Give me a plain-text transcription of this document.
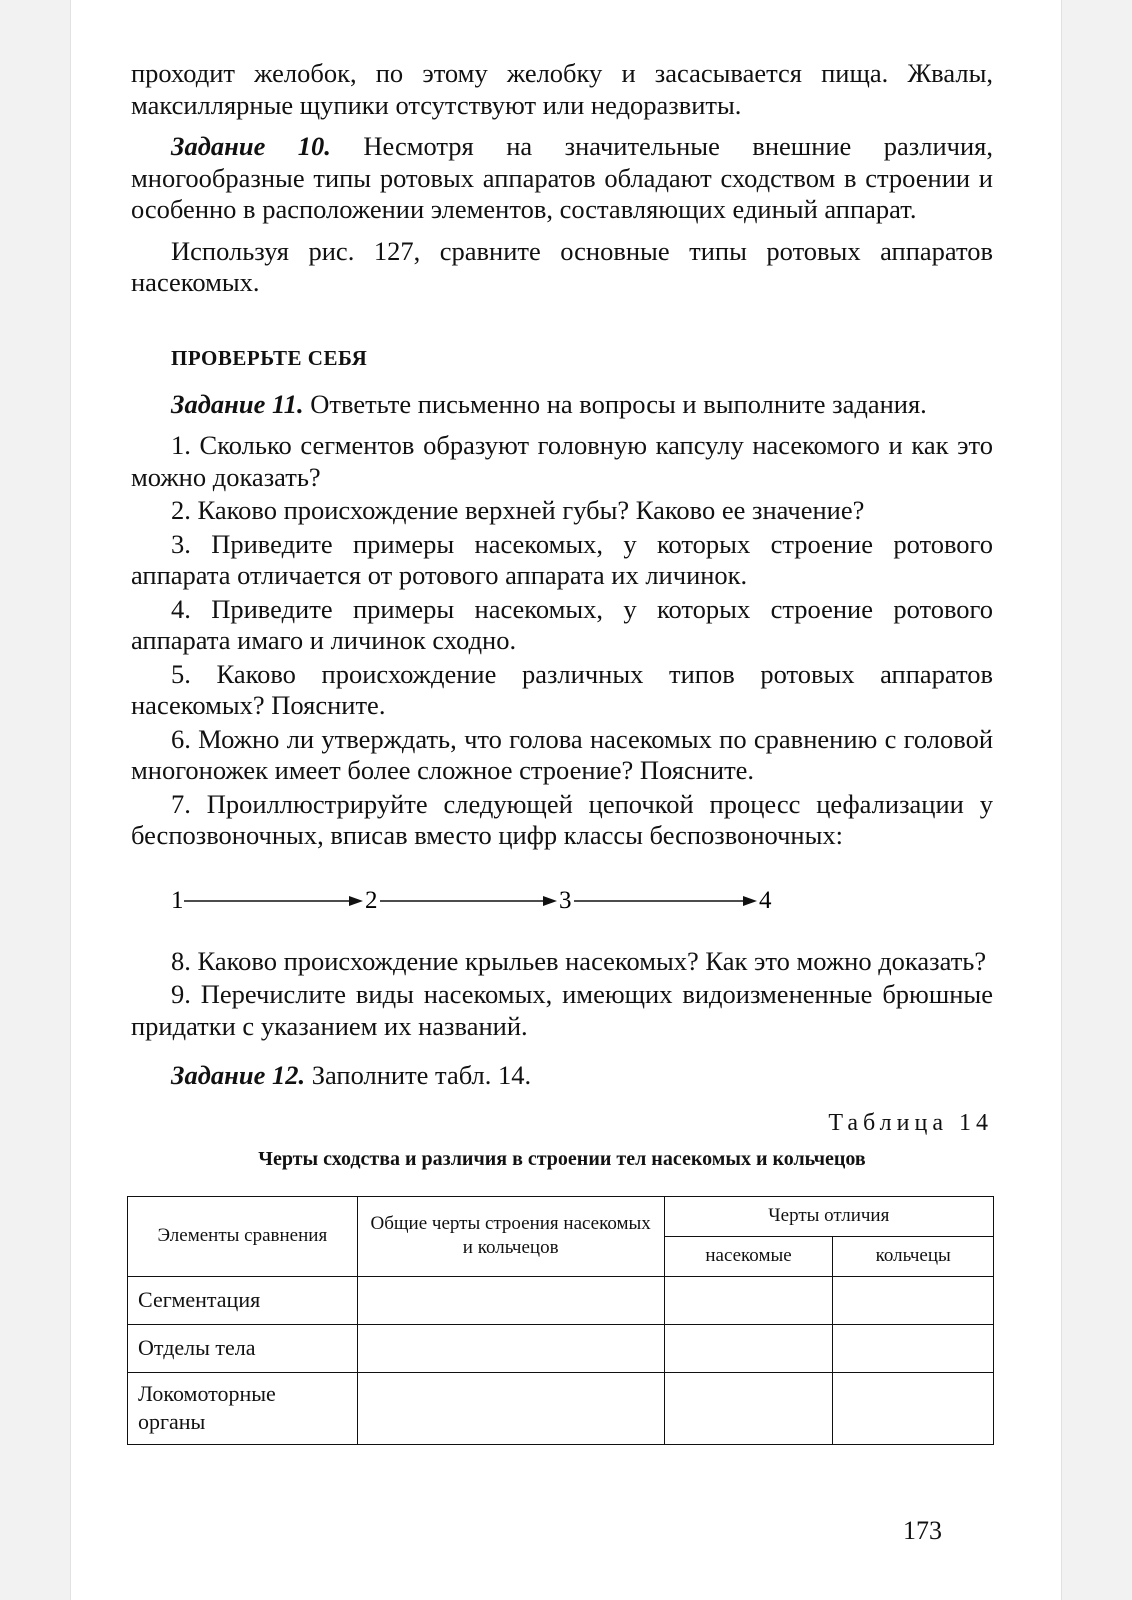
проходит желобок, по этому желобку и засасывается пища. Жвалы, максиллярные щупики отсутствуют или недоразвиты.

Задание 10. Несмотря на значительные внешние различия, многообразные типы ротовых аппаратов обладают сходством в строении и особенно в расположении элементов, составляющих единый аппарат.

Используя рис. 127, сравните основные типы ротовых аппаратов насекомых.

ПРОВЕРЬТЕ СЕБЯ

Задание 11. Ответьте письменно на вопросы и выполните задания.

1. Сколько сегментов образуют головную капсулу насекомого и как это можно доказать?

2. Каково происхождение верхней губы? Каково ее значение?

3. Приведите примеры насекомых, у которых строение ротового аппарата отличается от ротового аппарата их личинок.

4. Приведите примеры насекомых, у которых строение ротового аппарата имаго и личинок сходно.

5. Каково происхождение различных типов ротовых аппаратов насекомых? Поясните.

6. Можно ли утверждать, что голова насекомых по сравнению с головой многоножек имеет более сложное строение? Поясните.

7. Проиллюстрируйте следующей цепочкой процесс цефализации у беспозвоночных, вписав вместо цифр классы беспозвоночных:

1	2	3	4

8. Каково происхождение крыльев насекомых? Как это можно доказать?

9. Перечислите виды насекомых, имеющих видоизмененные брюшные придатки с указанием их названий.

Задание 12. Заполните табл. 14.

Таблица 14
Черты сходства и различия в строении тел насекомых и кольчецов
Элементы сравнения	Общие черты строения насекомых и кольчецов	Черты отличия	
		насекомые	кольчецы
Сегментация			
Отделы тела			
Локомоторные органы			
173
